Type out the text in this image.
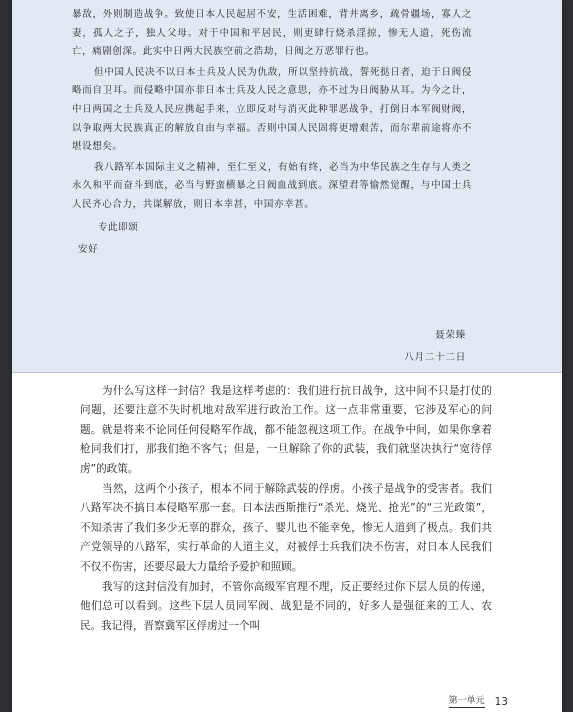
暴敌，外则制造战争。致使日本人民起居不安，生活困难，背井离乡，疏骨疆场，寡人之妻，孤人之子，独人父母。对于中国和平居民，则更肆行烧杀淫掠，惨无人道，死伤流亡，痛剧创深。此实中日两大民族空前之浩劫，日阀之万恶罪行也。

但中国人民决不以日本士兵及人民为仇敌，所以坚持抗战，誓死挞日者，迫于日阀侵略而自卫耳。而侵略中国亦非日本士兵及人民之意思，亦不过为日阀胁从耳。为今之计，中日两国之士兵及人民应携起手来，立即反对与消灭此种罪恶战争，打倒日本军阀财阀，以争取两大民族真正的解放自由与幸福。否则中国人民固将更增艰苦，而尔辈前途将亦不堪设想矣。

我八路军本国际主义之精神，至仁至义，有始有终，必当为中华民族之生存与人类之永久和平而奋斗到底，必当与野蛮横暴之日阀血战到底。深望君等愉然觉醒，与中国士兵人民齐心合力，共谋解放，则日本幸甚，中国亦幸甚。

专此即颂

安好

聂荣臻
八月二十二日

为什么写这样一封信？我是这样考虑的：我们进行抗日战争，这中间不只是打仗的问题，还要注意不失时机地对敌军进行政治工作。这一点非常重要，它涉及军心的问题。就是将来不论同任何侵略军作战，都不能忽视这项工作。在战争中间，如果你拿着枪同我们打，那我们绝不客气；但是，一旦解除了你的武装，我们就坚决执行“宽待俘虏”的政策。

当然，这两个小孩子，根本不同于解除武装的俘虏。小孩子是战争的受害者。我们八路军决不搞日本侵略军那一套。日本法西斯推行“杀光、烧光、抢光”的“三光政策”，不知杀害了我们多少无辜的群众，孩子、婴儿也不能幸免，惨无人道到了极点。我们共产党领导的八路军，实行革命的人道主义，对被俘士兵我们决不伤害，对日本人民我们不仅不伤害，还要尽最大力量给予爱护和照顾。

我写的这封信没有加封，不管你高级军官理不理，反正要经过你下层人员的传递，他们总可以看到。这些下层人员同军阀、战犯是不同的，好多人是强征来的工人、农民。我记得，晋察冀军区俘虏过一个叫

第一单元 13
